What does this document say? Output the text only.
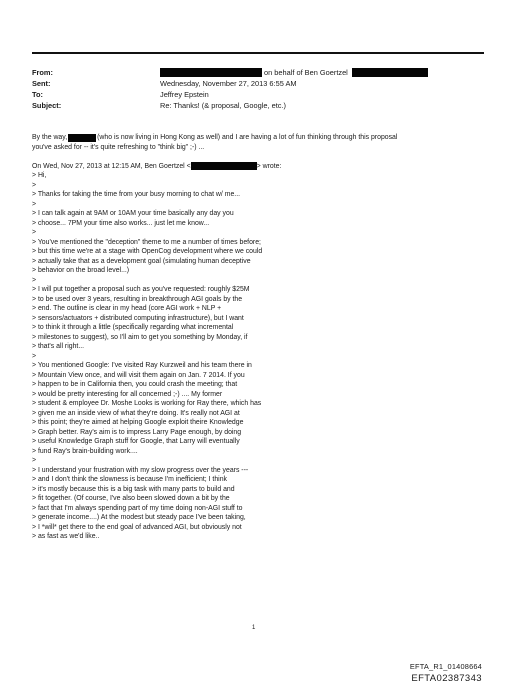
From:	on behalf of Ben Goertzel
Sent:	Wednesday, November 27, 2013 6:55 AM
To:	Jeffrey Epstein
Subject:	Re: Thanks! (& proposal, Google, etc.)
By the way,	(who is now living in Hong Kong as well) and I are having a lot of fun thinking through this proposal
you've asked for -- it's quite refreshing to "think big" ;-) ...
On Wed, Nov 27, 2013 at 12:15 AM, Ben Goertzel <	> wrote:
> Hi,
>
> Thanks for taking the time from your busy morning to chat w/ me...
>
> I can talk again at 9AM or 10AM your time basically any day you
> choose... 7PM your time also works... just let me know...
>
> You've mentioned the "deception" theme to me a number of times before;
> but this time we're at a stage with OpenCog development where we could
> actually take that as a development goal (simulating human deceptive
> behavior on the broad level...)
>
> I will put together a proposal such as you've requested: roughly $25M
> to be used over 3 years, resulting in breakthrough AGI goals by the
> end. The outline is clear in my head (core AGI work + NLP +
> sensors/actuators + distributed computing infrastructure), but I want
> to think it through a little (specifically regarding what incremental
> milestones to suggest), so I'll aim to get you something by Monday, if
> that's all right...
>
> You mentioned Google: I've visited Ray Kurzweil and his team there in
> Mountain View once, and will visit them again on Jan. 7 2014. If you
> happen to be in California then, you could crash the meeting; that
> would be pretty interesting for all concerned ;-) .... My former
> student & employee Dr. Moshe Looks is working for Ray there, which has
> given me an inside view of what they're doing. It's really not AGI at
> this point; they're aimed at helping Google exploit theire Knowledge
> Graph better. Ray's aim is to impress Larry Page enough, by doing
> useful Knowledge Graph stuff for Google, that Larry will eventually
> fund Ray's brain-building work....
>
> I understand your frustration with my slow progress over the years ---
> and I don't think the slowness is because I'm inefficient; I think
> it's mostly because this is a big task with many parts to build and
> fit together. (Of course, I've also been slowed down a bit by the
> fact that I'm always spending part of my time doing non-AGI stuff to
> generate income....) At the modest but steady pace I've been taking,
> I *will* get there to the end goal of advanced AGI, but obviously not
> as fast as we'd like..
1
EFTA_R1_01408664
EFTA02387343
